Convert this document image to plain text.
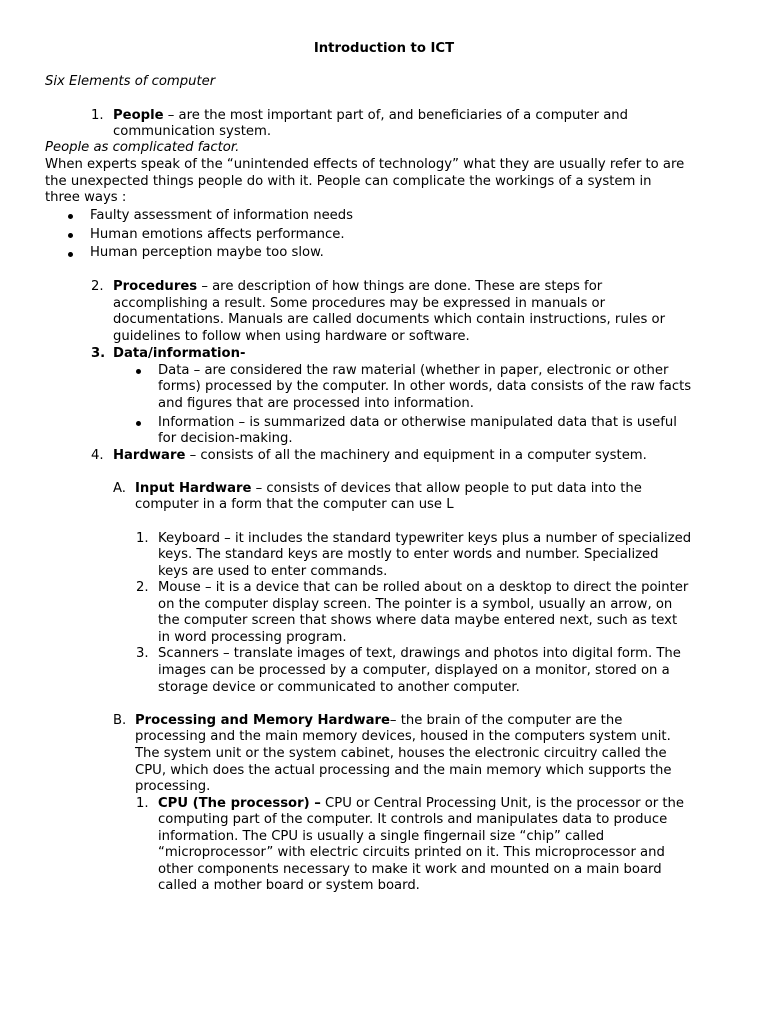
Introduction to ICT
Six Elements of computer
1. People – are the most important part of, and beneficiaries of a computer and
communication system.
People as complicated factor.
When experts speak of the “unintended effects of technology” what they are usually refer to are
the unexpected things people do with it. People can complicate the workings of a system in
three ways :
Faulty assessment of information needs
Human emotions affects performance.
Human perception maybe too slow.
2. Procedures – are description of how things are done. These are steps for
accomplishing a result. Some procedures may be expressed in manuals or
documentations. Manuals are called documents which contain instructions, rules or
guidelines to follow when using hardware or software.
3. Data/information-
Data – are considered the raw material (whether in paper, electronic or other
forms) processed by the computer. In other words, data consists of the raw facts
and figures that are processed into information.
Information – is summarized data or otherwise manipulated data that is useful
for decision-making.
4. Hardware – consists of all the machinery and equipment in a computer system.
A. Input Hardware – consists of devices that allow people to put data into the
computer in a form that the computer can use L
1. Keyboard – it includes the standard typewriter keys plus a number of specialized
keys. The standard keys are mostly to enter words and number. Specialized
keys are used to enter commands.
2. Mouse – it is a device that can be rolled about on a desktop to direct the pointer
on the computer display screen. The pointer is a symbol, usually an arrow, on
the computer screen that shows where data maybe entered next, such as text
in word processing program.
3. Scanners – translate images of text, drawings and photos into digital form. The
images can be processed by a computer, displayed on a monitor, stored on a
storage device or communicated to another computer.
B. Processing and Memory Hardware– the brain of the computer are the
processing and the main memory devices, housed in the computers system unit.
The system unit or the system cabinet, houses the electronic circuitry called the
CPU, which does the actual processing and the main memory which supports the
processing.
1. CPU (The processor) – CPU or Central Processing Unit, is the processor or the
computing part of the computer. It controls and manipulates data to produce
information. The CPU is usually a single fingernail size “chip” called
“microprocessor” with electric circuits printed on it. This microprocessor and
other components necessary to make it work and mounted on a main board
called a mother board or system board.
